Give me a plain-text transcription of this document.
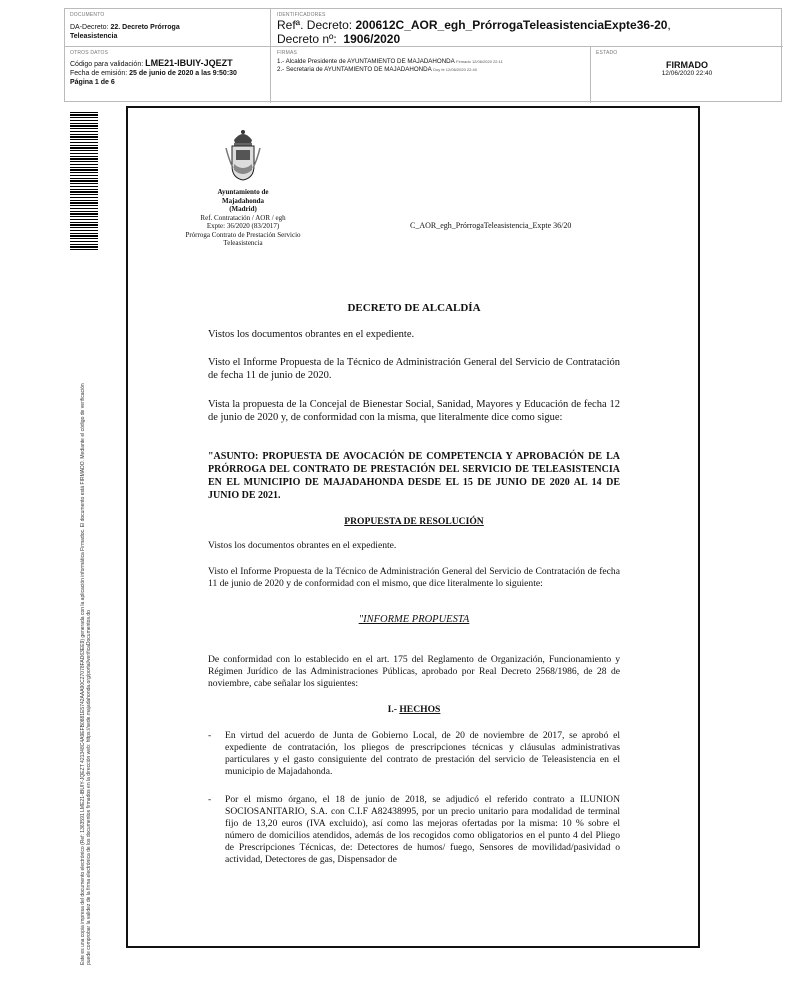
DOCUMENTO
DA-Decreto: 22. Decreto Prórroga
Teleasistencia
IDENTIFICADORES
Refª. Decreto: 200612C_AOR_egh_PrórrogaTeleasistenciaExpte36-20,
Decreto nº: 1906/2020
OTROS DATOS
Código para validación: LME21-IBUIY-JQEZT
Fecha de emisión: 25 de junio de 2020 a las 9:50:30
Página 1 de 6
FIRMAS
1.- Alcalde Presidente de AYUNTAMIENTO DE MAJADAHONDA Firmado 12/06/2020 22:11
2.- Secretaria de AYUNTAMIENTO DE MAJADAHONDA Doy fe 12/06/2020 22:40
ESTADO
FIRMADO
12/06/2020 22:40
Este es una copia impresa del documento electrónico (Ref: 1363591 LME21-IBUIY-JQEZT 421348C4A9EFB0881E5742AAA90C27078FAD63EE9) generada con la aplicación informática Firmadoc. El documento está FIRMADO. Mediante el código de verificación puede comprobar la validez de la firma electrónica de los documentos firmados en la dirección web: https://sede.majadahonda.org/portal/verificaDocumentos.do
Ayuntamiento de
Majadahonda
(Madrid)
Ref. Contratación / AOR / egh
Expte: 36/2020 (83/2017)
Prórroga Contrato de Prestación Servicio
Teleasistencia
C_AOR_egh_PrórrogaTeleasistencia_Expte 36/20
DECRETO DE ALCALDÍA
Vistos los documentos obrantes en el expediente.
Visto el Informe Propuesta de la Técnico de Administración General del Servicio de Contratación de fecha 11 de junio de 2020.
Vista la propuesta de la Concejal de Bienestar Social, Sanidad, Mayores y Educación de fecha 12 de junio de 2020 y, de conformidad con la misma, que literalmente dice como sigue:
"ASUNTO: PROPUESTA DE AVOCACIÓN DE COMPETENCIA Y APROBACIÓN DE LA PRÓRROGA DEL CONTRATO DE PRESTACIÓN DEL SERVICIO DE TELEASISTENCIA EN EL MUNICIPIO DE MAJADAHONDA DESDE EL 15 DE JUNIO DE 2020 AL 14 DE JUNIO DE 2021.
PROPUESTA DE RESOLUCIÓN
Vistos los documentos obrantes en el expediente.
Visto el Informe Propuesta de la Técnico de Administración General del Servicio de Contratación de fecha 11 de junio de 2020 y de conformidad con el mismo, que dice literalmente lo siguiente:
"INFORME PROPUESTA
De conformidad con lo establecido en el art. 175 del Reglamento de Organización, Funcionamiento y Régimen Jurídico de las Administraciones Públicas, aprobado por Real Decreto 2568/1986, de 28 de noviembre, cabe señalar los siguientes:
I.- HECHOS
- En virtud del acuerdo de Junta de Gobierno Local, de 20 de noviembre de 2017, se aprobó el expediente de contratación, los pliegos de prescripciones técnicas y cláusulas administrativas particulares y el gasto consiguiente del contrato de prestación del servicio de Teleasistencia en el municipio de Majadahonda.
- Por el mismo órgano, el 18 de junio de 2018, se adjudicó el referido contrato a ILUNION SOCIOSANITARIO, S.A. con C.I.F A82438995, por un precio unitario para modalidad de terminal fijo de 13,20 euros (IVA excluido), así como las mejoras ofertadas por la misma: 10 % sobre el número de domicilios atendidos, además de los recogidos como obligatorios en el punto 4 del Pliego de Prescripciones Técnicas, de: Detectores de humos/ fuego, Sensores de movilidad/pasividad o actividad, Detectores de gas, Dispensador de
